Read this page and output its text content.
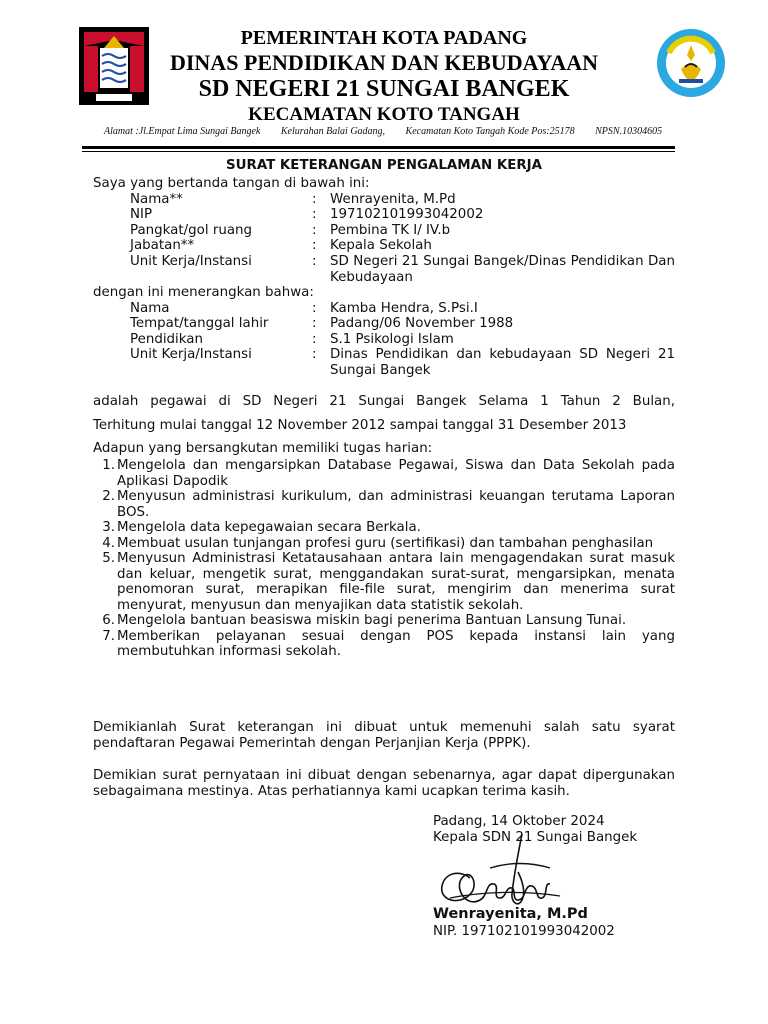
PEMERINTAH KOTA PADANG
DINAS PENDIDIKAN DAN KEBUDAYAAN
SD NEGERI 21 SUNGAI BANGEK
KECAMATAN KOTO TANGAH
Alamat :Jl.Empat Lima Sungai Bangek Kelurahan Balai Gadang, Kecamatan Koto Tangah Kode Pos:25178 NPSN.10304605
SURAT KETERANGAN PENGALAMAN KERJA
Saya yang bertanda tangan di bawah ini:
Nama**	: Wenrayenita, M.Pd
NIP	: 197102101993042002
Pangkat/gol ruang	: Pembina TK I/ IV.b
Jabatan**	: Kepala Sekolah
Unit Kerja/Instansi	: SD Negeri 21 Sungai Bangek/Dinas Pendidikan Dan Kebudayaan
dengan ini menerangkan bahwa:
Nama	: Kamba Hendra, S.Psi.I
Tempat/tanggal lahir	: Padang/06 November 1988
Pendidikan	: S.1 Psikologi Islam
Unit Kerja/Instansi	: Dinas Pendidikan dan kebudayaan SD Negeri 21 Sungai Bangek
adalah pegawai di SD Negeri 21 Sungai Bangek Selama 1 Tahun 2 Bulan,
Terhitung mulai tanggal 12 November 2012 sampai tanggal 31 Desember 2013
Adapun yang bersangkutan memiliki tugas harian:
1 . Mengelola dan mengarsipkan Database Pegawai, Siswa dan Data Sekolah pada Aplikasi Dapodik
2 . Menyusun administrasi kurikulum, dan administrasi keuangan terutama Laporan BOS.
3 . Mengelola data kepegawaian secara Berkala.
4 . Membuat usulan tunjangan profesi guru (sertifikasi) dan tambahan penghasilan
5 . Menyusun Administrasi Ketatausahaan antara lain mengagendakan surat masuk dan keluar, mengetik surat, menggandakan surat-surat, mengarsipkan, menata penomoran surat, merapikan file-file surat, mengirim dan menerima surat menyurat, menyusun dan menyajikan data statistik sekolah.
6 . Mengelola bantuan beasiswa miskin bagi penerima Bantuan Lansung Tunai.
7 . Memberikan pelayanan sesuai dengan POS kepada instansi lain yang membutuhkan informasi sekolah.
Demikianlah Surat keterangan ini dibuat untuk memenuhi salah satu syarat pendaftaran Pegawai Pemerintah dengan Perjanjian Kerja (PPPK).
Demikian surat pernyataan ini dibuat dengan sebenarnya, agar dapat dipergunakan sebagaimana mestinya. Atas perhatiannya kami ucapkan terima kasih.
Padang, 14 Oktober 2024
Kepala SDN 21 Sungai Bangek
Wenrayenita, M.Pd
NIP. 197102101993042002
